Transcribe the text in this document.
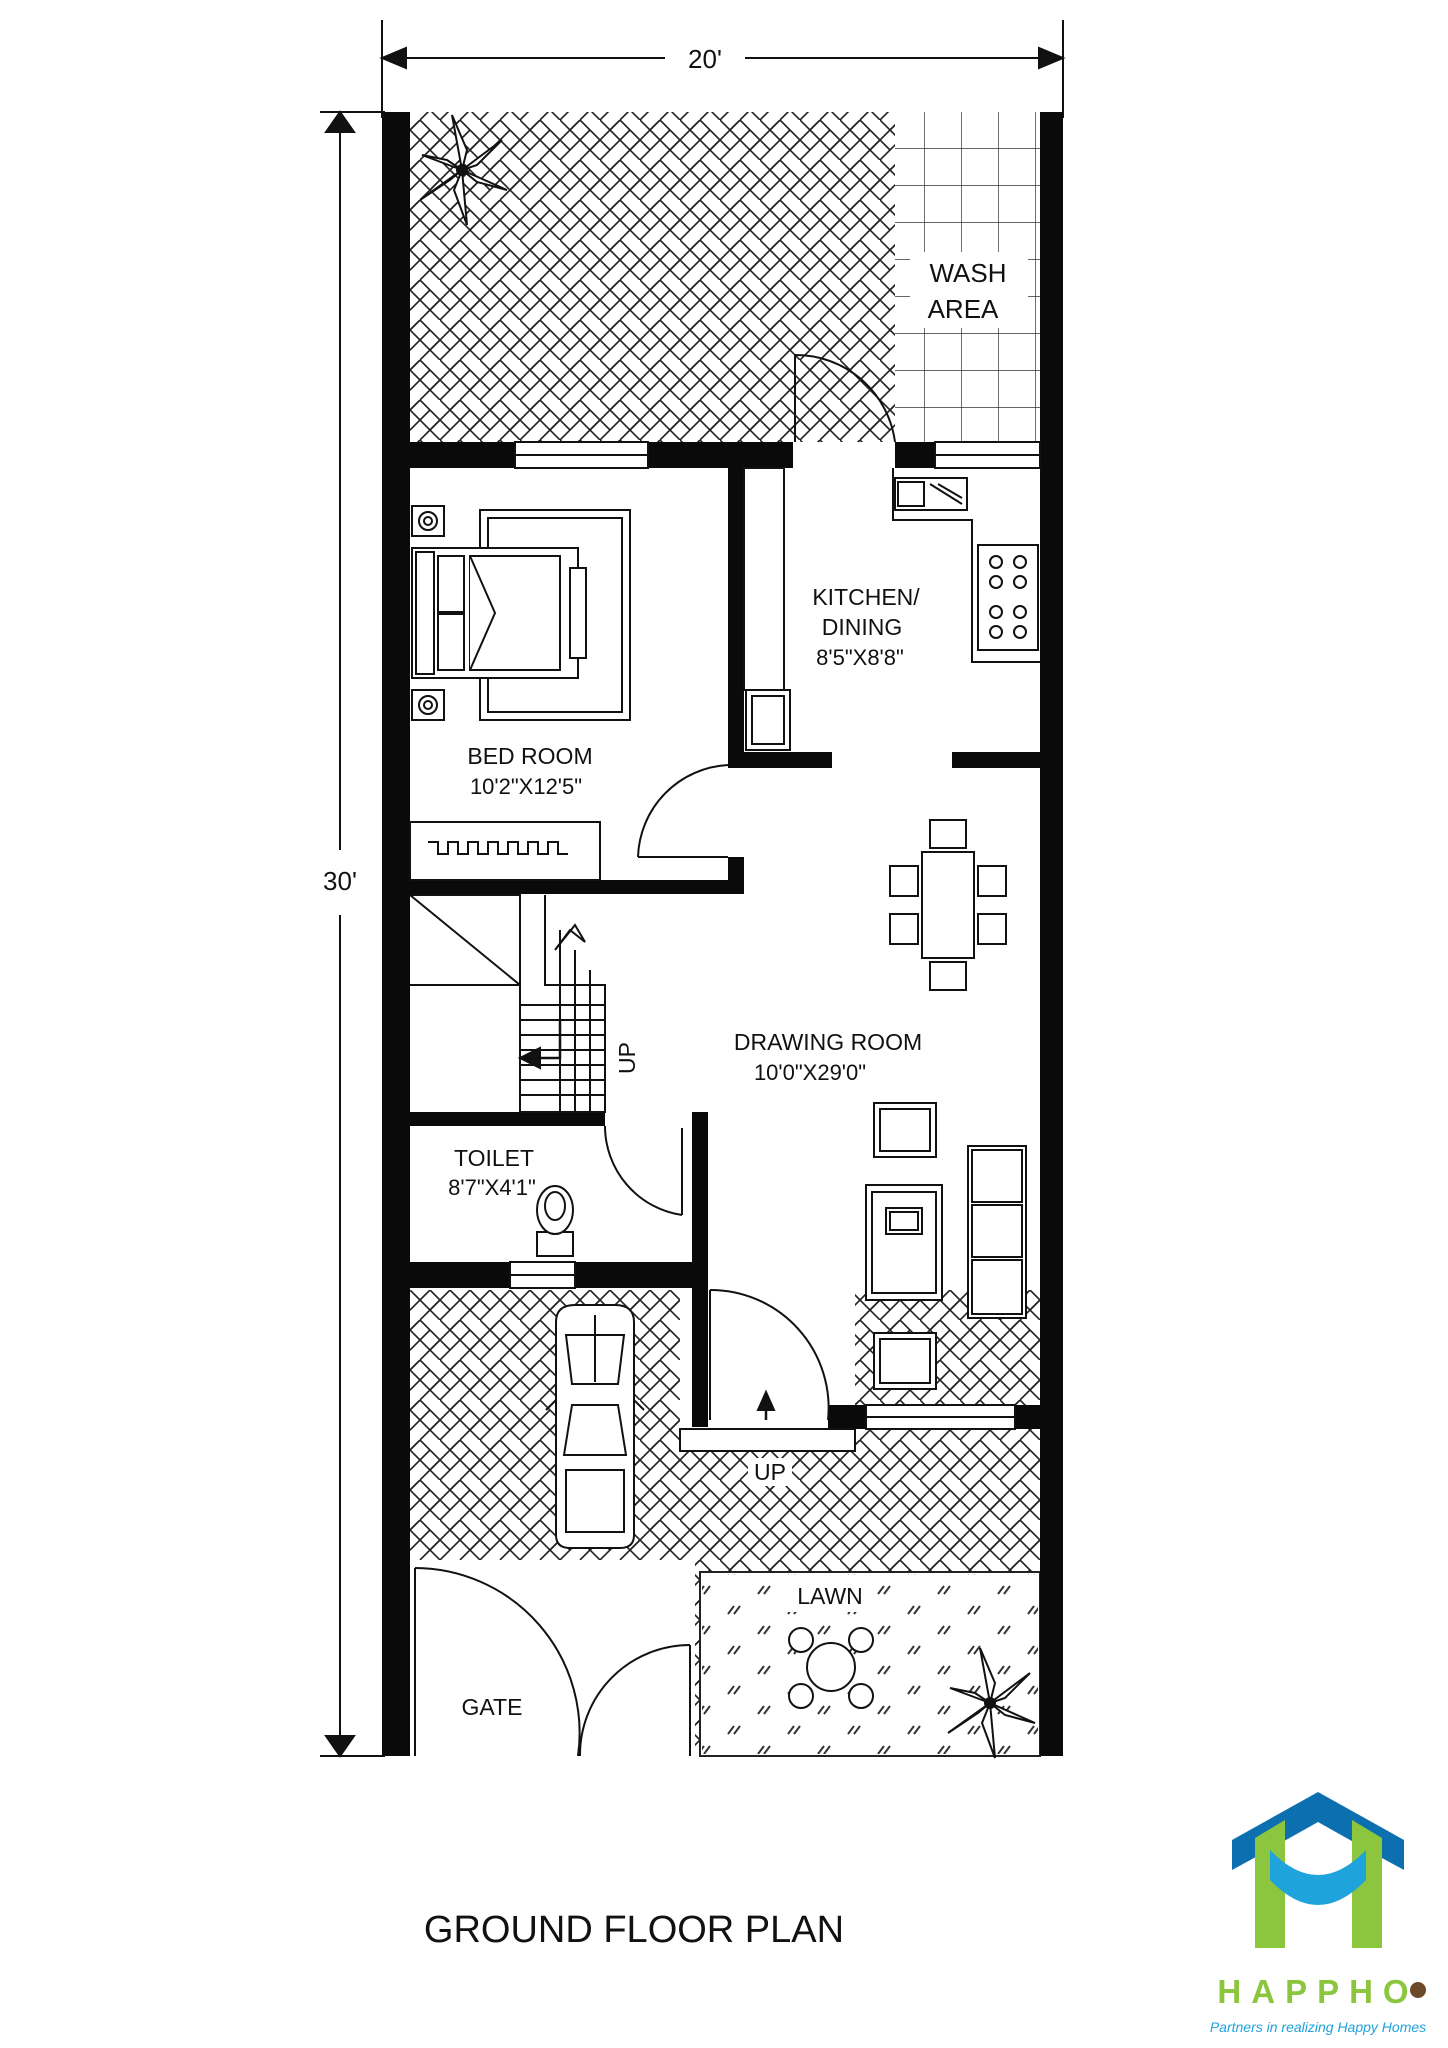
20'
30'
UP
WASH
AREA
KITCHEN/
DINING
8'5"X8'8"
BED ROOM
10'2"X12'5"
DRAWING ROOM
10'0"X29'0"
TOILET
8'7"X4'1"
LAWN
GATE
UP
GROUND FLOOR PLAN
HAPPHO
Partners in realizing Happy Homes
